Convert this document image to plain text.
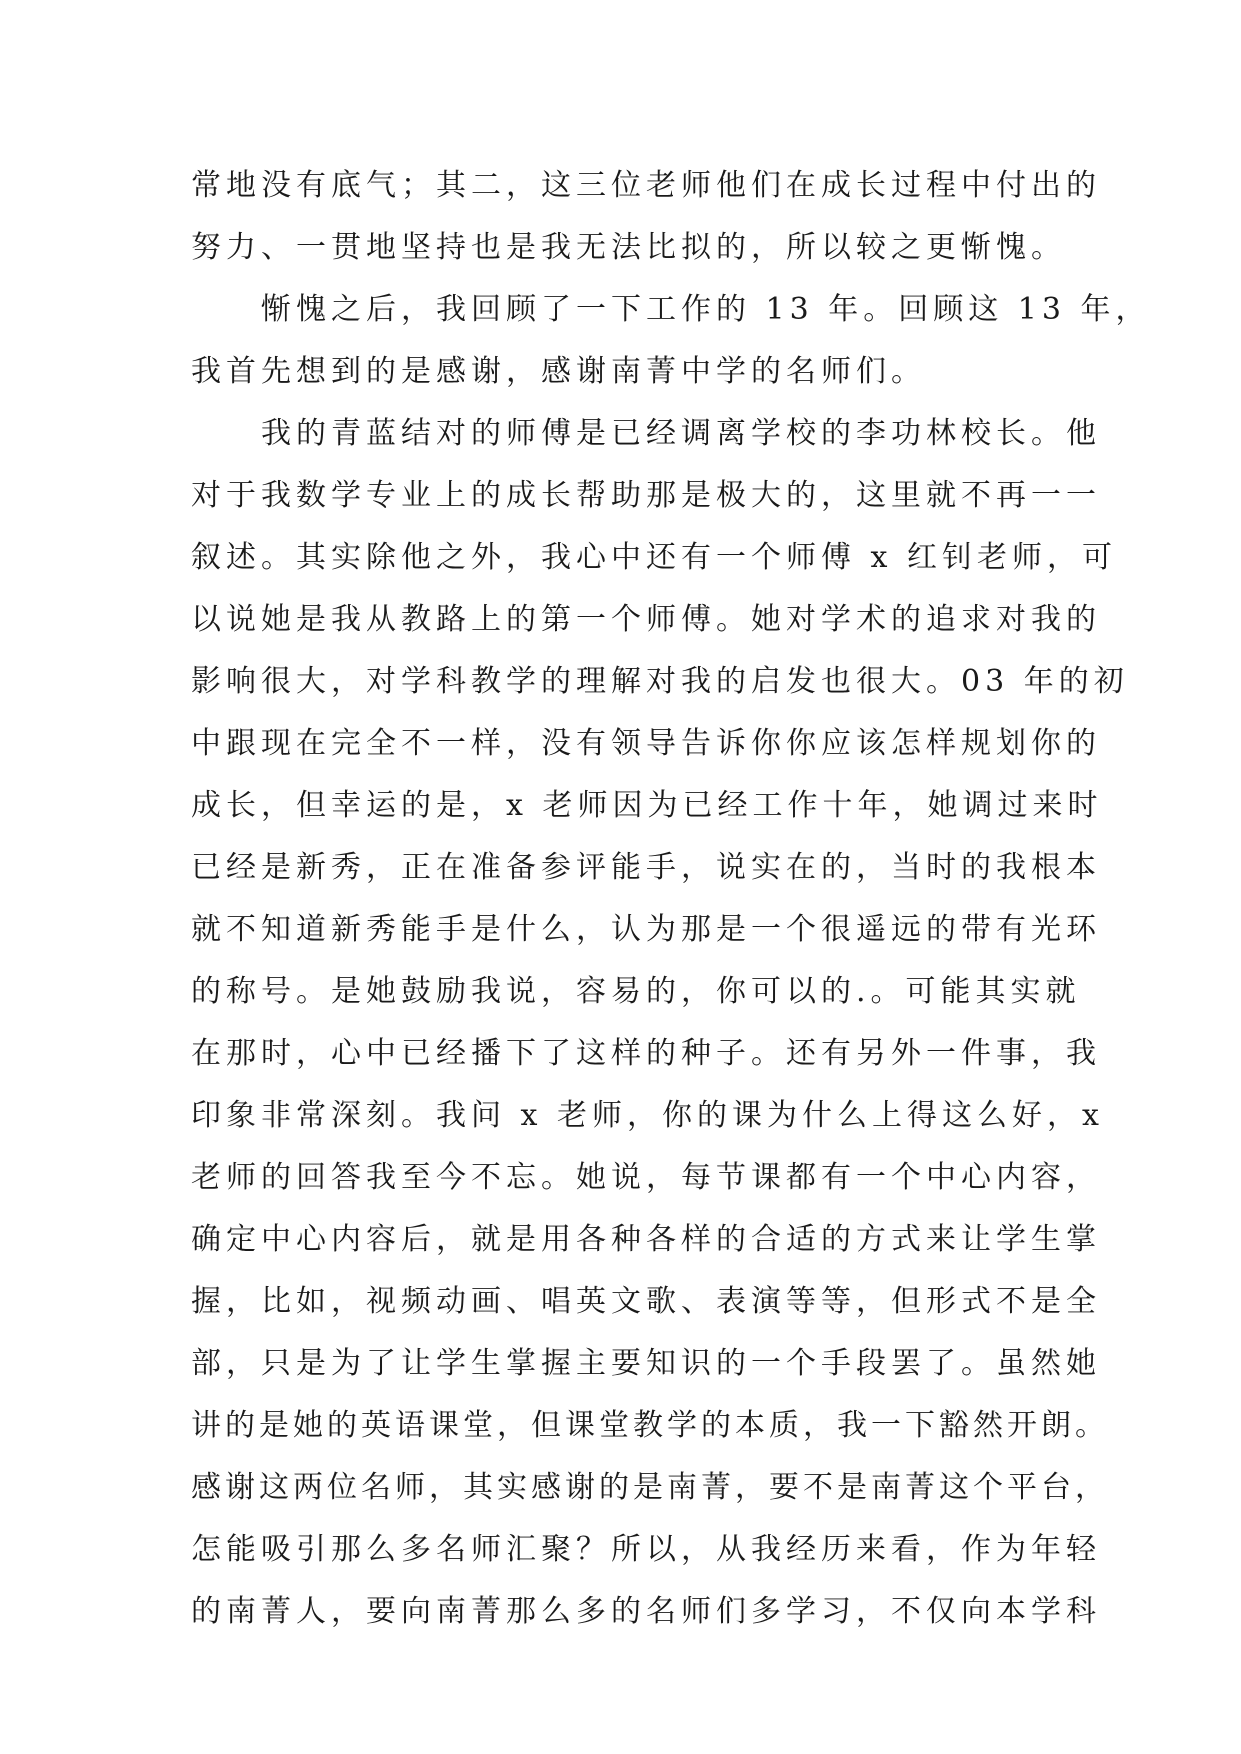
常地没有底气；其二，这三位老师他们在成长过程中付出的
努力、一贯地坚持也是我无法比拟的，所以较之更惭愧。
　　惭愧之后，我回顾了一下工作的 13 年。回顾这 13 年，
我首先想到的是感谢，感谢南菁中学的名师们。
　　我的青蓝结对的师傅是已经调离学校的李功林校长。他
对于我数学专业上的成长帮助那是极大的，这里就不再一一
叙述。其实除他之外，我心中还有一个师傅 x 红钊老师，可
以说她是我从教路上的第一个师傅。她对学术的追求对我的
影响很大，对学科教学的理解对我的启发也很大。03 年的初
中跟现在完全不一样，没有领导告诉你你应该怎样规划你的
成长，但幸运的是，x 老师因为已经工作十年，她调过来时
已经是新秀，正在准备参评能手，说实在的，当时的我根本
就不知道新秀能手是什么，认为那是一个很遥远的带有光环
的称号。是她鼓励我说，容易的，你可以的.。可能其实就
在那时，心中已经播下了这样的种子。还有另外一件事，我
印象非常深刻。我问 x 老师，你的课为什么上得这么好，x
老师的回答我至今不忘。她说，每节课都有一个中心内容，
确定中心内容后，就是用各种各样的合适的方式来让学生掌
握，比如，视频动画、唱英文歌、表演等等，但形式不是全
部，只是为了让学生掌握主要知识的一个手段罢了。虽然她
讲的是她的英语课堂，但课堂教学的本质，我一下豁然开朗。
感谢这两位名师，其实感谢的是南菁，要不是南菁这个平台，
怎能吸引那么多名师汇聚？所以，从我经历来看，作为年轻
的南菁人，要向南菁那么多的名师们多学习，不仅向本学科
